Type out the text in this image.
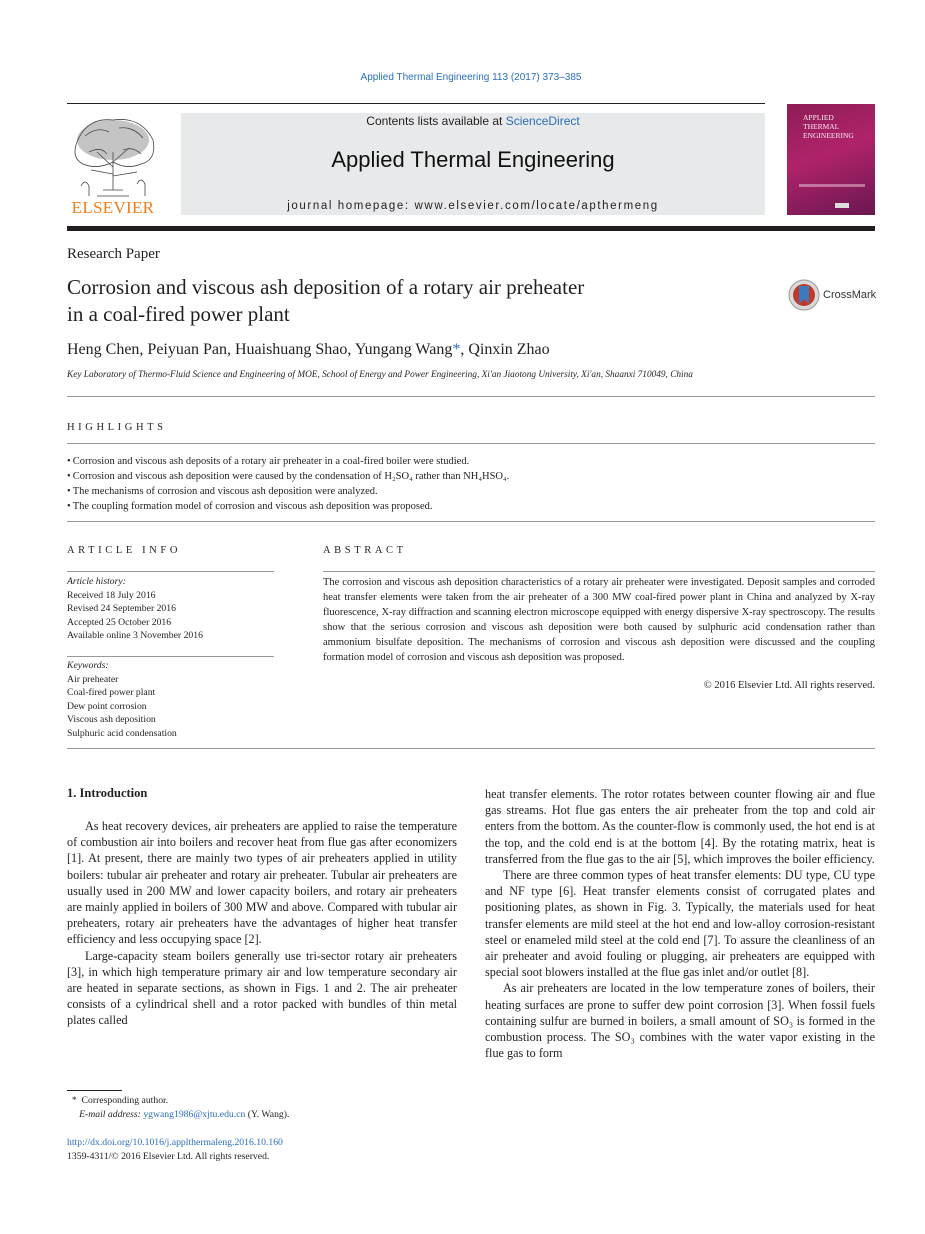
Applied Thermal Engineering 113 (2017) 373–385
ELSEVIER
Contents lists available at ScienceDirect
Applied Thermal Engineering
journal homepage: www.elsevier.com/locate/apthermeng
APPLIED
THERMAL
ENGINEERING
Research Paper
Corrosion and viscous ash deposition of a rotary air preheater
in a coal-fired power plant
CrossMark
Heng Chen, Peiyuan Pan, Huaishuang Shao, Yungang Wang*, Qinxin Zhao
Key Laboratory of Thermo-Fluid Science and Engineering of MOE, School of Energy and Power Engineering, Xi'an Jiaotong University, Xi'an, Shaanxi 710049, China
HIGHLIGHTS
• Corrosion and viscous ash deposits of a rotary air preheater in a coal-fired boiler were studied.
• Corrosion and viscous ash deposition were caused by the condensation of H₂SO₄ rather than NH₄HSO₄.
• The mechanisms of corrosion and viscous ash deposition were analyzed.
• The coupling formation model of corrosion and viscous ash deposition was proposed.
ARTICLE INFO
Article history:
Received 18 July 2016
Revised 24 September 2016
Accepted 25 October 2016
Available online 3 November 2016
Keywords:
Air preheater
Coal-fired power plant
Dew point corrosion
Viscous ash deposition
Sulphuric acid condensation
ABSTRACT
The corrosion and viscous ash deposition characteristics of a rotary air preheater were investigated. Deposit samples and corroded heat transfer elements were taken from the air preheater of a 300 MW coal-fired power plant in China and analyzed by X-ray fluorescence, X-ray diffraction and scanning electron microscope equipped with energy dispersive X-ray spectroscopy. The results show that the serious corrosion and viscous ash deposition were both caused by sulphuric acid condensation rather than ammonium bisulfate deposition. The mechanisms of corrosion and viscous ash deposition were discussed and the coupling formation model of corrosion and viscous ash deposition was proposed.
© 2016 Elsevier Ltd. All rights reserved.
1. Introduction

As heat recovery devices, air preheaters are applied to raise the temperature of combustion air into boilers and recover heat from flue gas after economizers [1]. At present, there are mainly two types of air preheaters applied in utility boilers: tubular air preheater and rotary air preheater. Tubular air preheaters are usually used in 200 MW and lower capacity boilers, and rotary air preheaters are mainly applied in boilers of 300 MW and above. Compared with tubular air preheaters, rotary air preheaters have the advantages of higher heat transfer efficiency and less occupying space [2].

Large-capacity steam boilers generally use tri-sector rotary air preheaters [3], in which high temperature primary air and low temperature secondary air are heated in separate sections, as shown in Figs. 1 and 2. The air preheater consists of a cylindrical shell and a rotor packed with bundles of thin metal plates called

heat transfer elements. The rotor rotates between counter flowing air and flue gas streams. Hot flue gas enters the air preheater from the top and cold air enters from the bottom. As the counter-flow is commonly used, the hot end is at the top, and the cold end is at the bottom [4]. By the rotating matrix, heat is transferred from the flue gas to the air [5], which improves the boiler efficiency.

There are three common types of heat transfer elements: DU type, CU type and NF type [6]. Heat transfer elements consist of corrugated plates and positioning plates, as shown in Fig. 3. Typically, the materials used for heat transfer elements are mild steel at the hot end and low-alloy corrosion-resistant steel or enameled mild steel at the cold end [7]. To assure the cleanliness of an air preheater and avoid fouling or plugging, air preheaters are equipped with special soot blowers installed at the flue gas inlet and/or outlet [8].

As air preheaters are located in the low temperature zones of boilers, their heating surfaces are prone to suffer dew point corrosion [3]. When fossil fuels containing sulfur are burned in boilers, a small amount of SO₃ is formed in the combustion process. The SO₃ combines with the water vapor existing in the flue gas to form

* Corresponding author.
E-mail address: ygwang1986@xjtu.edu.cn (Y. Wang).
http://dx.doi.org/10.1016/j.applthermaleng.2016.10.160
1359-4311/© 2016 Elsevier Ltd. All rights reserved.
